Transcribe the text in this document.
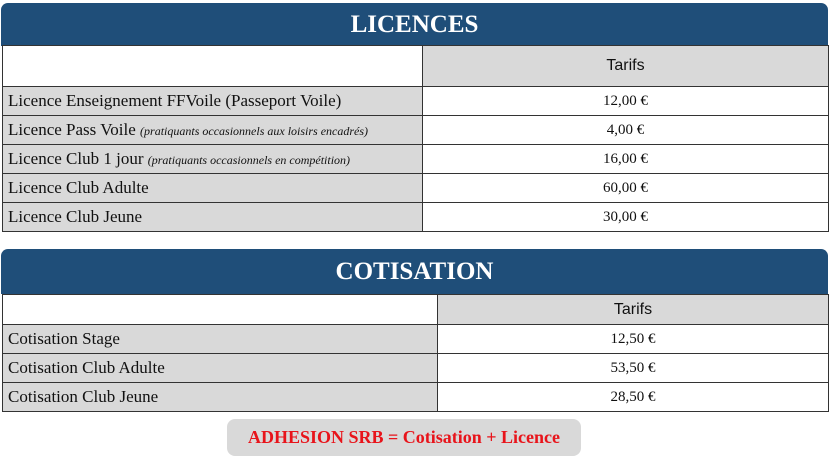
LICENCES
	Tarifs
Licence Enseignement FFVoile (Passeport Voile)	12,00 €
Licence Pass Voile (pratiquants occasionnels aux loisirs encadrés)	4,00 €
Licence Club 1 jour (pratiquants occasionnels en compétition)	16,00 €
Licence Club Adulte	60,00 €
Licence Club Jeune	30,00 €
COTISATION
	Tarifs
Cotisation Stage	12,50 €
Cotisation Club Adulte	53,50 €
Cotisation Club Jeune	28,50 €
ADHESION SRB = Cotisation + Licence
